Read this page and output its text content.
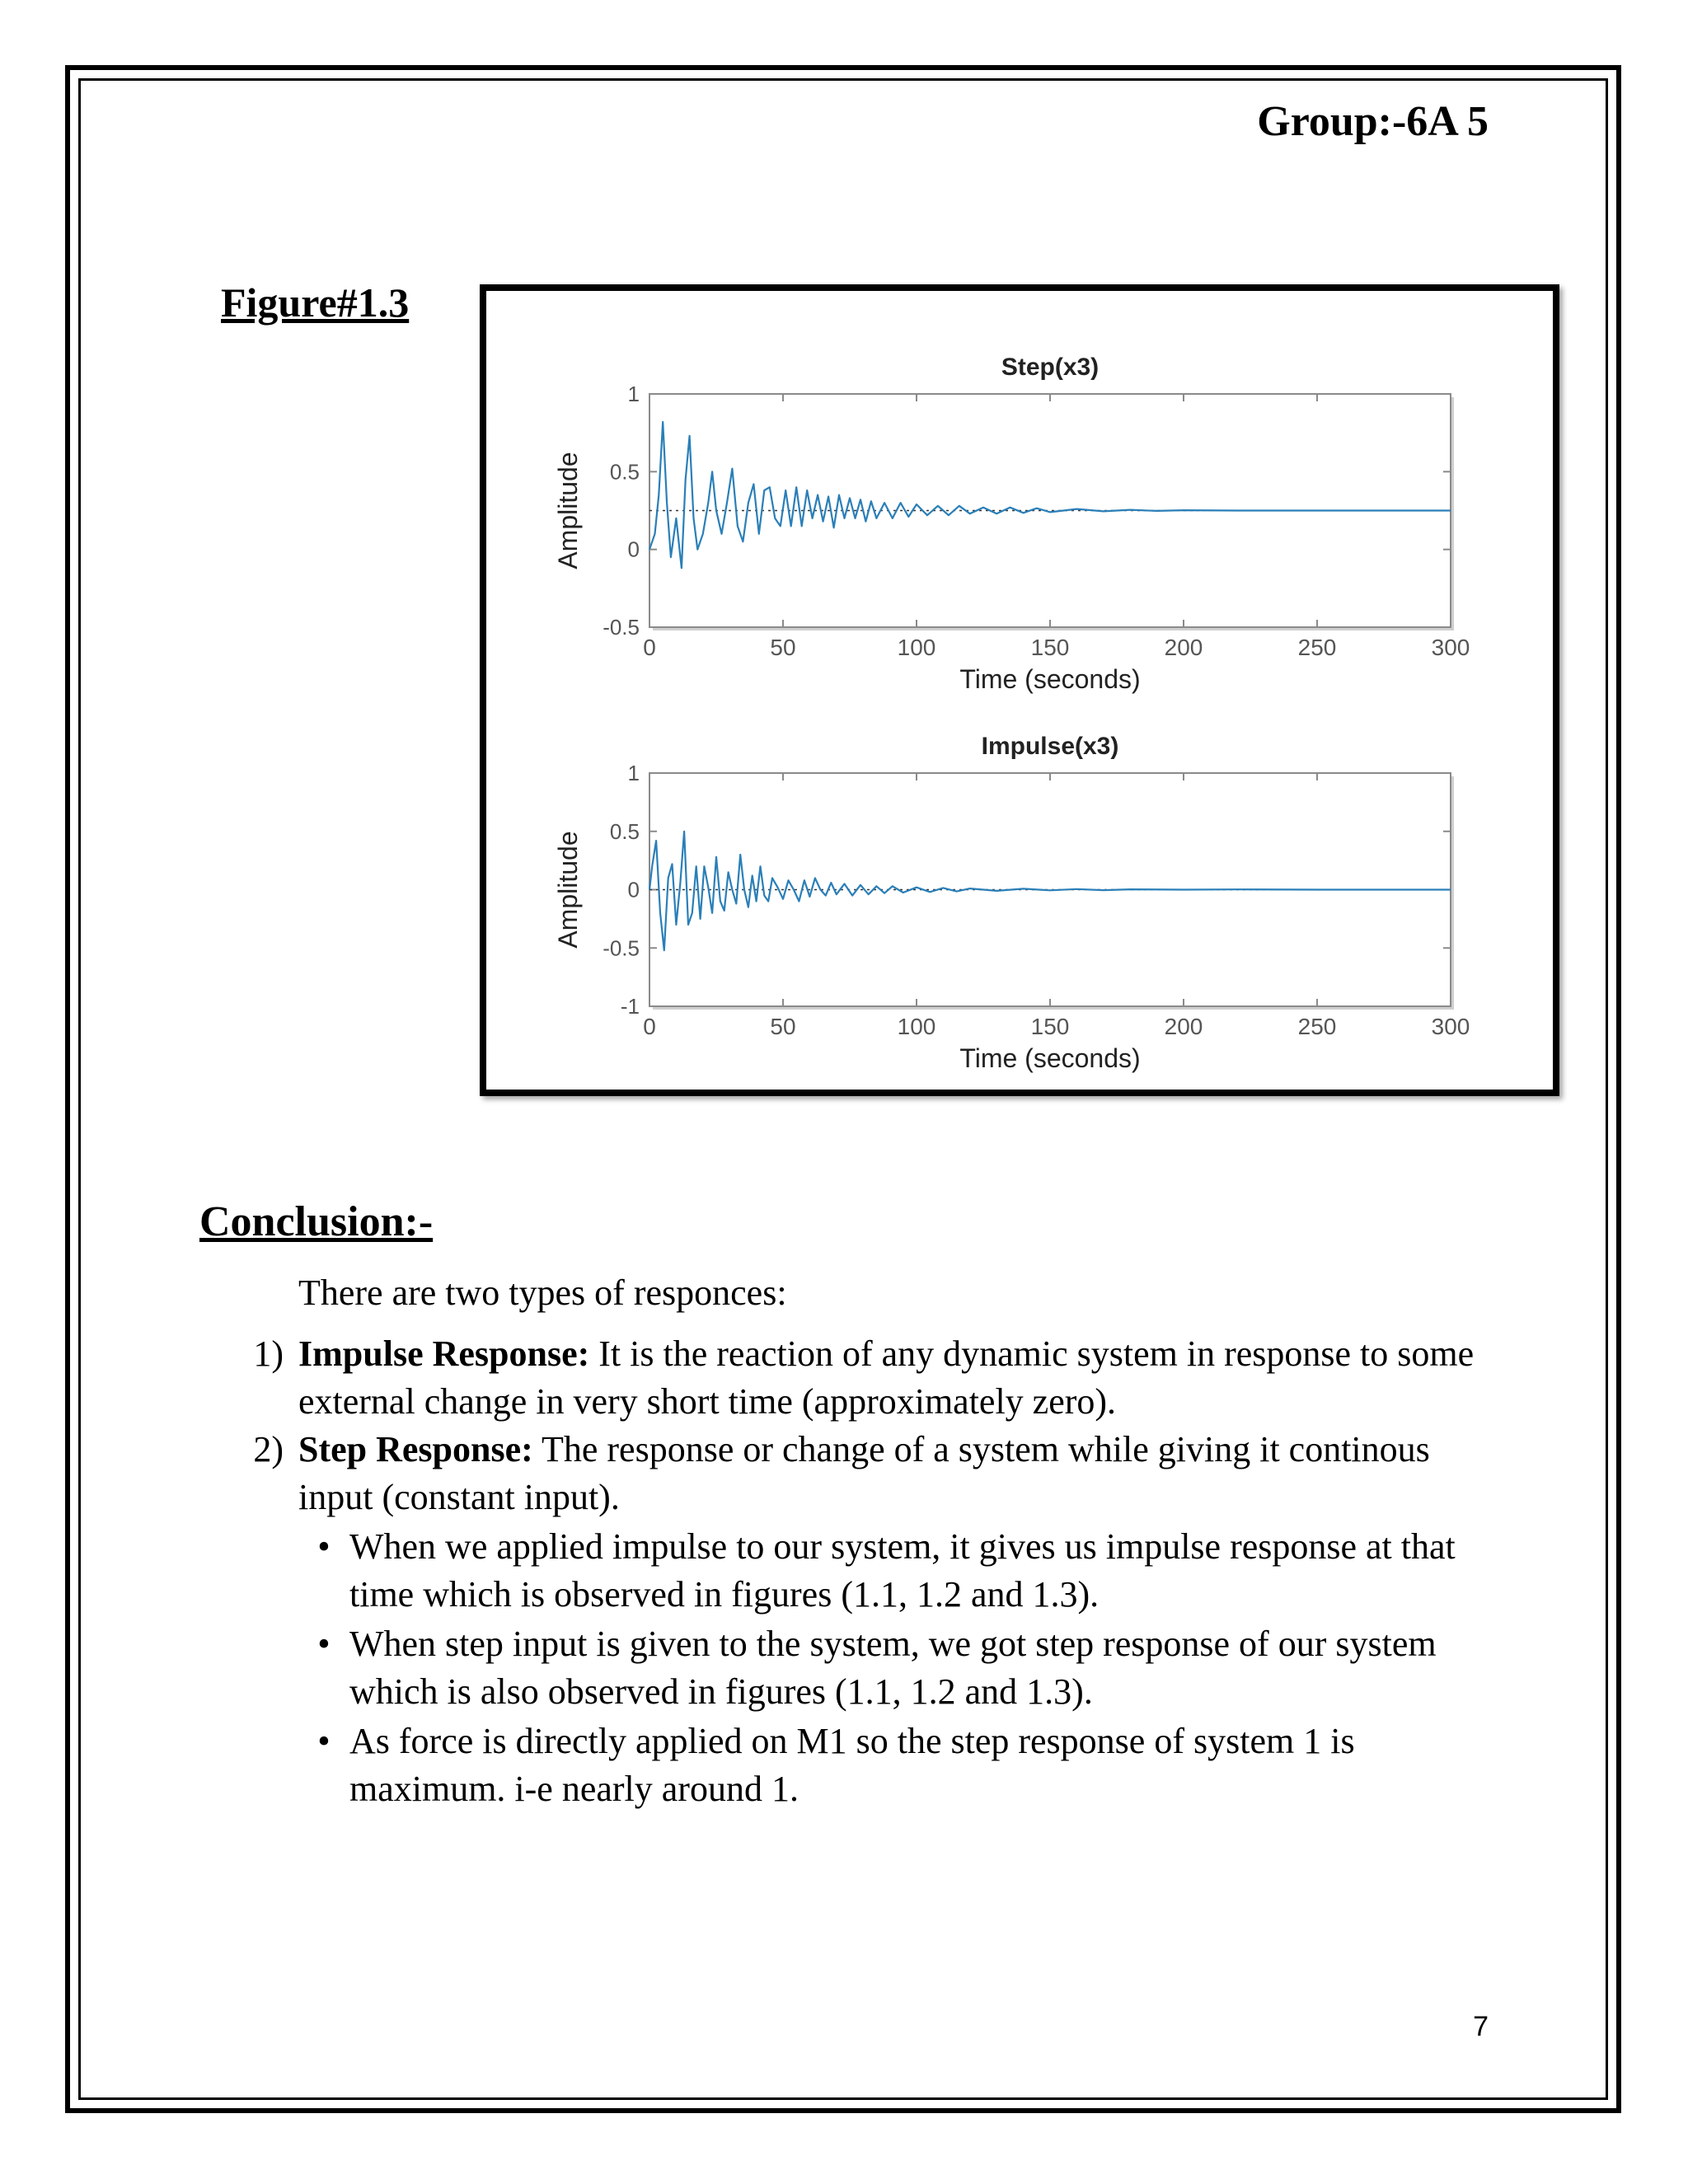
Group:-6A 5
Figure#1.3
Step(x3)
0	50	100	150	200	250	300
-0.5
0
0.5
1
Time (seconds)
Amplitude
Impulse(x3)
0	50	100	150	200	250	300
-1
-0.5
0
0.5
1
Time (seconds)
Amplitude
Conclusion:-
There are two types of responces:
1) Impulse Response: It is the reaction of any dynamic system in response to some external change in very short time (approximately zero).
2) Step Response: The response or change of a system while giving it continous input (constant input).
• When we applied impulse to our system, it gives us impulse response at that time which is observed in figures (1.1, 1.2 and 1.3).
• When step input is given to the system, we got step response of our system which is also observed in figures (1.1, 1.2 and 1.3).
• As force is directly applied on M1 so the step response of system 1 is maximum. i-e nearly around 1.
7
